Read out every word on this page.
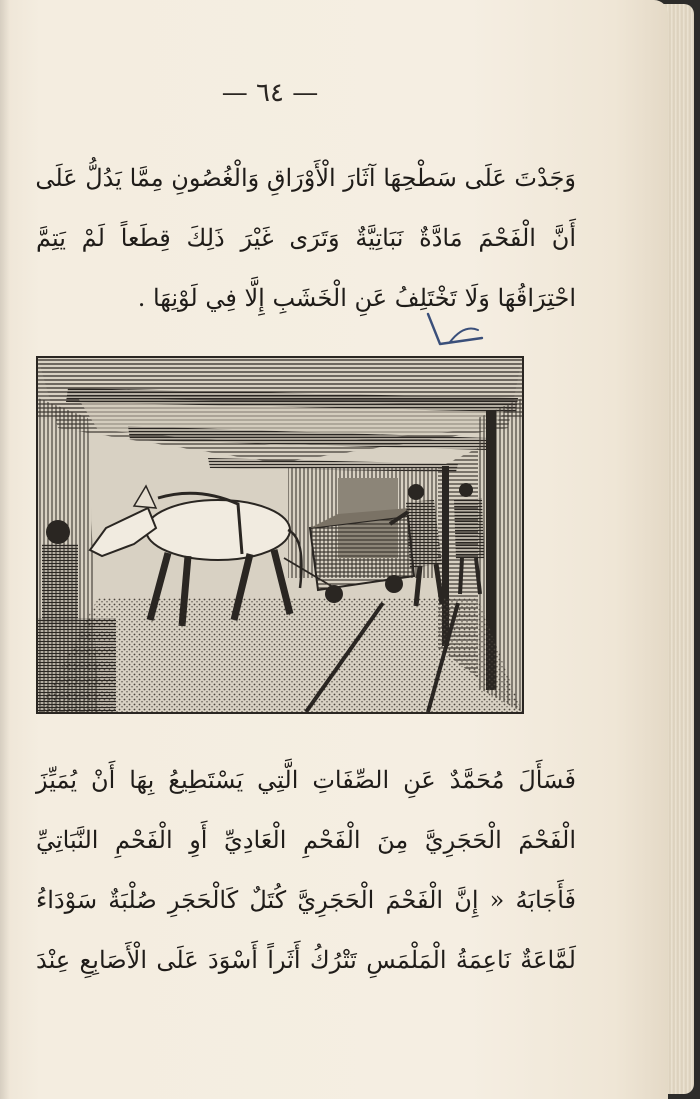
— ٦٤ —
وَجَدْتَ عَلَى سَطْحِهَا آثَارَ الْأَوْرَاقِ وَالْغُصُونِ مِمَّا يَدُلُّ عَلَى
أَنَّ الْفَحْمَ مَادَّةٌ نَبَاتِيَّةٌ وَتَرَى غَيْرَ ذَلِكَ قِطَعاً لَمْ يَتِمَّ
احْتِرَاقُهَا وَلَا تَخْتَلِفُ عَنِ الْخَشَبِ إِلَّا فِي لَوْنِهَا .
فَسَأَلَ مُحَمَّدٌ عَنِ الصِّفَاتِ الَّتِي يَسْتَطِيعُ بِهَا أَنْ يُمَيِّزَ
الْفَحْمَ الْحَجَرِيَّ مِنَ الْفَحْمِ الْعَادِيِّ أَوِ الْفَحْمِ النَّبَاتِيِّ
فَأَجَابَهُ « إِنَّ الْفَحْمَ الْحَجَرِيَّ كُتَلٌ كَالْحَجَرِ صُلْبَةٌ سَوْدَاءُ
لَمَّاعَةٌ نَاعِمَةُ الْمَلْمَسِ تَتْرُكُ أَثَراً أَسْوَدَ عَلَى الْأَصَابِعِ عِنْدَ
